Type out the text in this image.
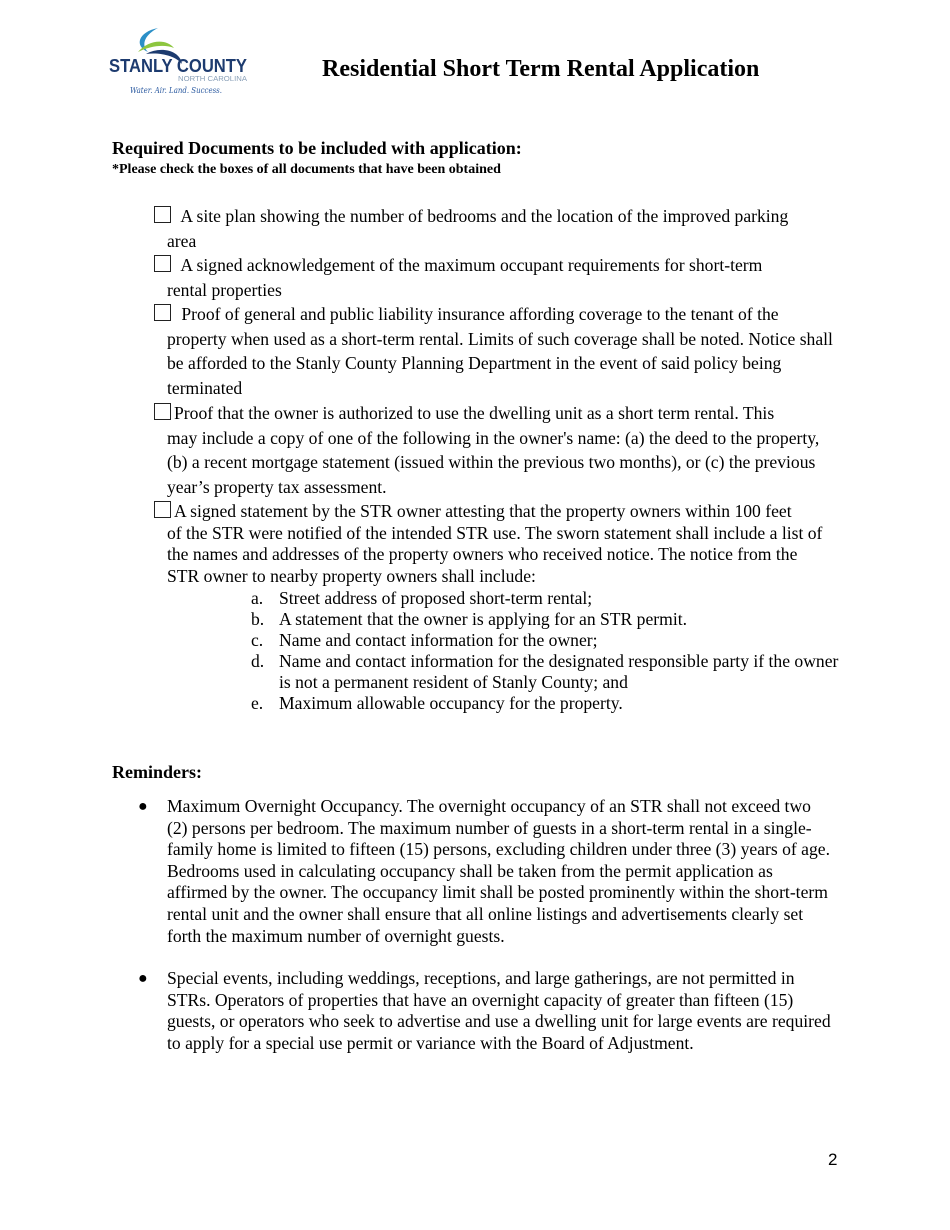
STANLY COUNTY
NORTH CAROLINA
Water. Air. Land. Success.
Residential Short Term Rental Application
Required Documents to be included with application:
*Please check the boxes of all documents that have been obtained
A site plan showing the number of bedrooms and the location of the improved parking
area
A signed acknowledgement of the maximum occupant requirements for short-term
rental properties
Proof of general and public liability insurance affording coverage to the tenant of the
property when used as a short-term rental. Limits of such coverage shall be noted. Notice shall be afforded to the Stanly County Planning Department in the event of said policy being terminated
Proof that the owner is authorized to use the dwelling unit as a short term rental. This
may include a copy of one of the following in the owner's name: (a) the deed to the property, (b) a recent mortgage statement (issued within the previous two months), or (c) the previous year’s property tax assessment.
A signed statement by the STR owner attesting that the property owners within 100 feet
of the STR were notified of the intended STR use. The sworn statement shall include a list of the names and addresses of the property owners who received notice. The notice from the STR owner to nearby property owners shall include:
a. Street address of proposed short-term rental;
b. A statement that the owner is applying for an STR permit.
c. Name and contact information for the owner;
d. Name and contact information for the designated responsible party if the owner is not a permanent resident of Stanly County; and
e. Maximum allowable occupancy for the property.
Reminders:
● Maximum Overnight Occupancy. The overnight occupancy of an STR shall not exceed two (2) persons per bedroom. The maximum number of guests in a short-term rental in a single-family home is limited to fifteen (15) persons, excluding children under three (3) years of age. Bedrooms used in calculating occupancy shall be taken from the permit application as affirmed by the owner. The occupancy limit shall be posted prominently within the short-term rental unit and the owner shall ensure that all online listings and advertisements clearly set forth the maximum number of overnight guests.
● Special events, including weddings, receptions, and large gatherings, are not permitted in STRs. Operators of properties that have an overnight capacity of greater than fifteen (15) guests, or operators who seek to advertise and use a dwelling unit for large events are required to apply for a special use permit or variance with the Board of Adjustment.
2
